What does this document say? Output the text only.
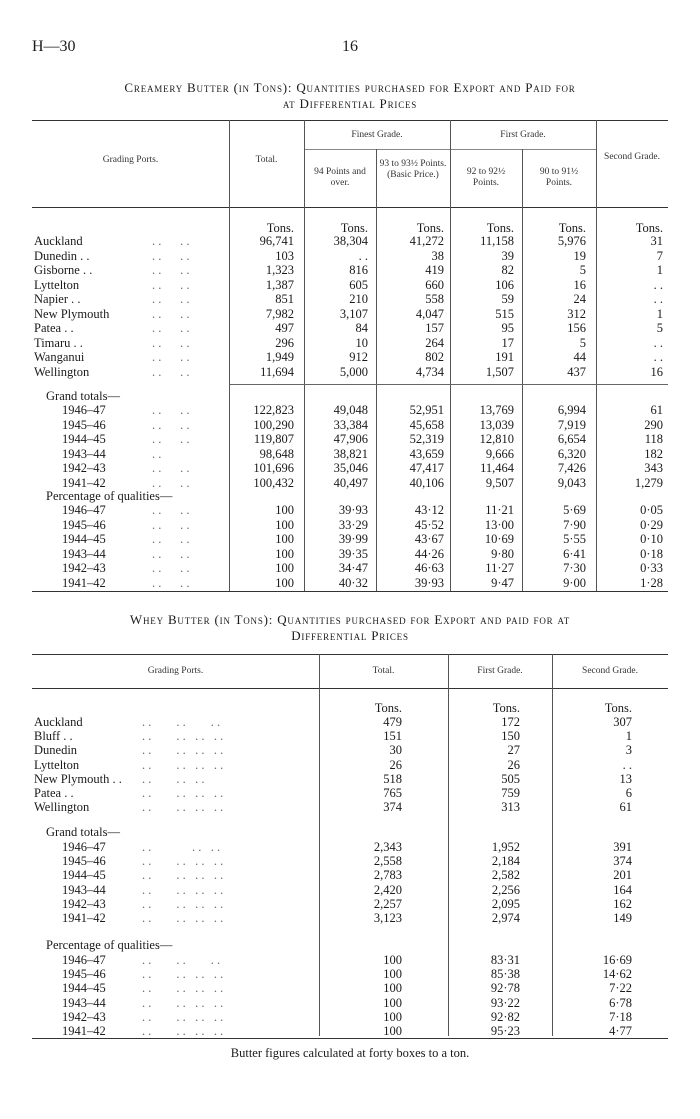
H—30	16
Creamery Butter (in Tons): Quantities purchased for Export and Paid for
at Differential Prices
Grading Ports.	Total.
Finest Grade.	First Grade.
Second Grade.
94 Points and over.
93 to 93½ Points. (Basic Price.)	92 to 92½ Points.
90 to 91½ Points.
Tons.	Tons.	Tons.	Tons.	Tons.	Tons.
Auckland	. .      . .	96,741	38,304	41,272	11,158	5,976	31
Dunedin . .	. .      . .	103	. .	38	39	19	7
Gisborne . .	. .      . .	1,323	816	419	82	5	1
Lyttelton	. .      . .	1,387	605	660	106	16	. .
Napier . .	. .      . .	851	210	558	59	24	. .
New Plymouth	. .      . .	7,982	3,107	4,047	515	312	1
Patea . .	. .      . .	497	84	157	95	156	5
Timaru . .	. .      . .	296	10	264	17	5	. .
Wanganui	. .      . .	1,949	912	802	191	44	. .
Wellington	. .      . .	11,694	5,000	4,734	1,507	437	16
Grand totals—
1946–47	. .      . .	122,823	49,048	52,951	13,769	6,994	61
1945–46	. .      . .	100,290	33,384	45,658	13,039	7,919	290
1944–45	. .      . .	119,807	47,906	52,319	12,810	6,654	118
1943–44	. .	98,648	38,821	43,659	9,666	6,320	182
1942–43	. .      . .	101,696	35,046	47,417	11,464	7,426	343
1941–42	. .      . .	100,432	40,497	40,106	9,507	9,043	1,279
Percentage of qualities—
1946–47	. .      . .	100	39·93	43·12	11·21	5·69	0·05
1945–46	. .      . .	100	33·29	45·52	13·00	7·90	0·29
1944–45	. .      . .	100	39·99	43·67	10·69	5·55	0·10
1943–44	. .      . .	100	39·35	44·26	9·80	6·41	0·18
1942–43	. .      . .	100	34·47	46·63	11·27	7·30	0·33
1941–42	. .      . .	100	40·32	39·93	9·47	9·00	1·28
Whey Butter (in Tons): Quantities purchased for Export and paid for at
Differential Prices
Grading Ports.	Total.	First Grade.	Second Grade.
Tons.	Tons.	Tons.
Auckland	. .        . .        . .	479	172	307
Bluff . .	. .        . .   . .   . .	151	150	1
Dunedin	. .        . .   . .   . .	30	27	3
Lyttelton	. .        . .   . .   . .	26	26	. .
New Plymouth . . . .        . .   . .	518	505	13
Patea . .	. .        . .   . .   . .	765	759	6
Wellington	. .        . .   . .   . .	374	313	61
Grand totals—
1946–47	. .             . .   . .	2,343	1,952	391
1945–46	. .        . .   . .   . .	2,558	2,184	374
1944–45	. .        . .   . .   . .	2,783	2,582	201
1943–44	. .        . .   . .   . .	2,420	2,256	164
1942–43	. .        . .   . .   . .	2,257	2,095	162
1941–42	. .        . .   . .   . .	3,123	2,974	149
Percentage of qualities—
1946–47	. .        . .        . .	100	83·31	16·69
1945–46	. .        . .   . .   . .	100	85·38	14·62
1944–45	. .        . .   . .   . .	100	92·78	7·22
1943–44	. .        . .   . .   . .	100	93·22	6·78
1942–43	. .        . .   . .   . .	100	92·82	7·18
1941–42	. .        . .   . .   . .	100	95·23	4·77
Butter figures calculated at forty boxes to a ton.
